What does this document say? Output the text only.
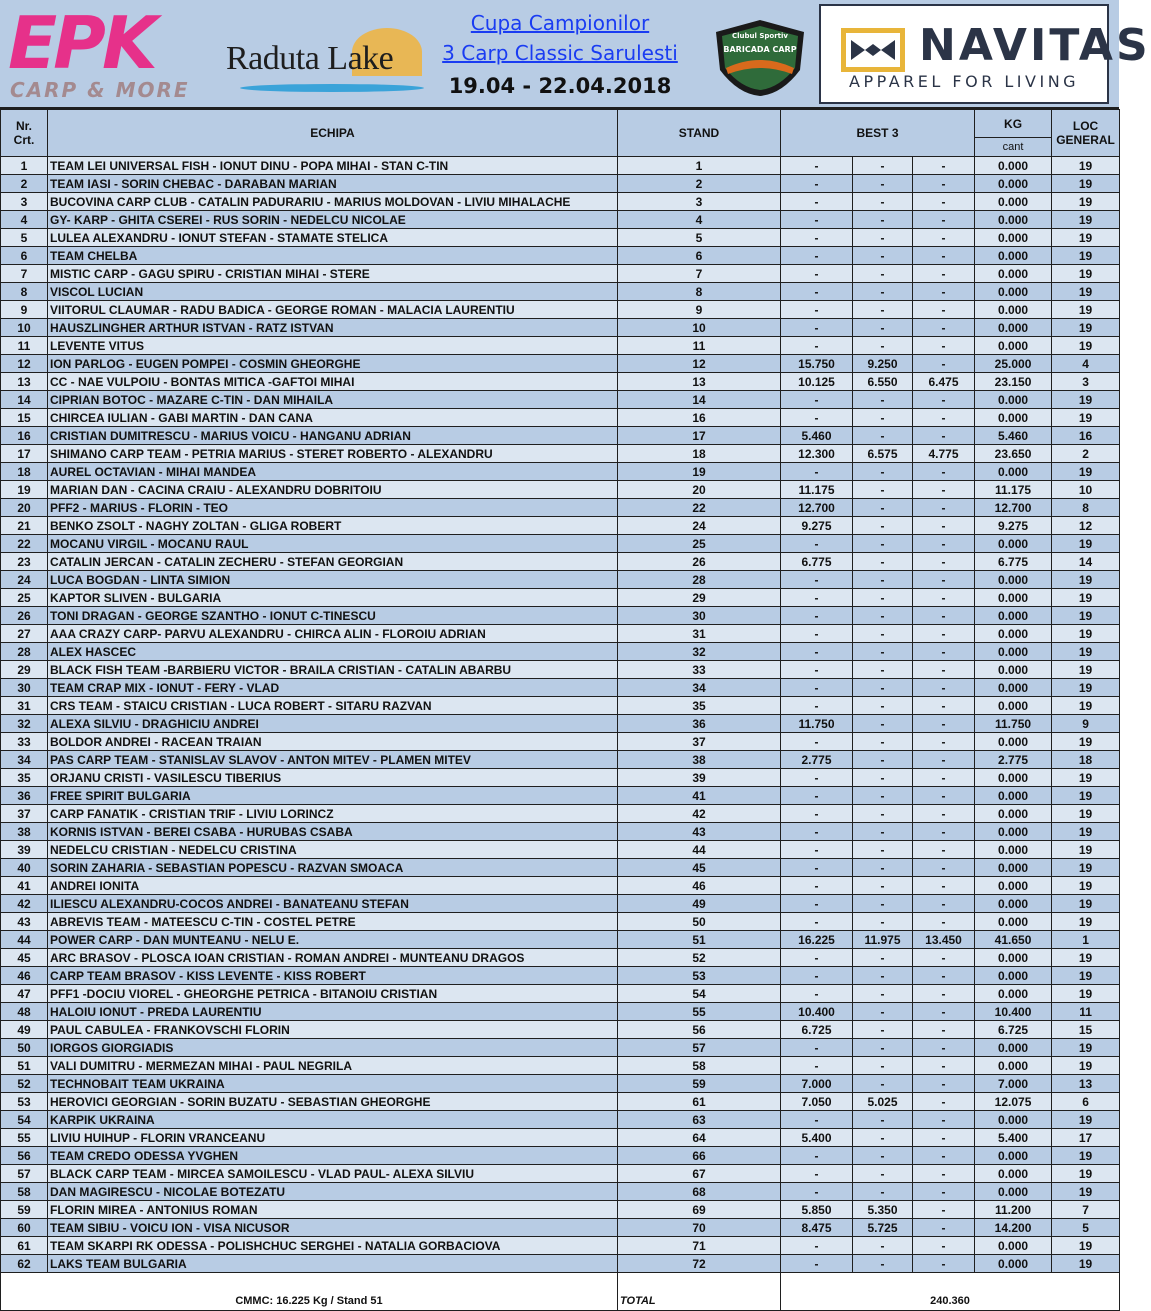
EPK
CARP & MORE
Raduta Lake
Cupa Campionilor
3 Carp Classic Sarulesti
19.04 - 22.04.2018
Clubul Sportiv
BARICADA CARP	NAVITAS
APPAREL FOR LIVING
Nr.
Crt.	ECHIPA	STAND	BEST 3			KG	LOC
GENERAL
						cant	
1	TEAM LEI UNIVERSAL FISH - IONUT DINU - POPA MIHAI - STAN C-TIN	1	-	-	-	0.000	19
2	TEAM IASI - SORIN CHEBAC - DARABAN MARIAN	2	-	-	-	0.000	19
3	BUCOVINA CARP CLUB - CATALIN PADURARIU - MARIUS MOLDOVAN - LIVIU MIHALACHE	3	-	-	-	0.000	19
4	GY- KARP - GHITA CSEREI - RUS SORIN - NEDELCU NICOLAE	4	-	-	-	0.000	19
5	LULEA ALEXANDRU - IONUT STEFAN - STAMATE STELICA	5	-	-	-	0.000	19
6	TEAM CHELBA	6	-	-	-	0.000	19
7	MISTIC CARP - GAGU SPIRU - CRISTIAN MIHAI - STERE	7	-	-	-	0.000	19
8	VISCOL LUCIAN	8	-	-	-	0.000	19
9	VIITORUL CLAUMAR - RADU BADICA - GEORGE ROMAN - MALACIA LAURENTIU	9	-	-	-	0.000	19
10	HAUSZLINGHER ARTHUR ISTVAN - RATZ ISTVAN	10	-	-	-	0.000	19
11	LEVENTE VITUS	11	-	-	-	0.000	19
12	ION PARLOG - EUGEN POMPEI - COSMIN GHEORGHE	12	15.750	9.250	-	25.000	4
13	CC - NAE VULPOIU - BONTAS MITICA -GAFTOI MIHAI	13	10.125	6.550	6.475	23.150	3
14	CIPRIAN BOTOC - MAZARE C-TIN - DAN MIHAILA	14	-	-	-	0.000	19
15	CHIRCEA IULIAN - GABI MARTIN - DAN CANA	16	-	-	-	0.000	19
16	CRISTIAN DUMITRESCU - MARIUS VOICU - HANGANU ADRIAN	17	5.460	-	-	5.460	16
17	SHIMANO CARP TEAM - PETRIA MARIUS - STERET ROBERTO - ALEXANDRU	18	12.300	6.575	4.775	23.650	2
18	AUREL OCTAVIAN - MIHAI MANDEA	19	-	-	-	0.000	19
19	MARIAN DAN - CACINA CRAIU - ALEXANDRU DOBRITOIU	20	11.175	-	-	11.175	10
20	PFF2 - MARIUS - FLORIN - TEO	22	12.700	-	-	12.700	8
21	BENKO ZSOLT - NAGHY ZOLTAN - GLIGA ROBERT	24	9.275	-	-	9.275	12
22	MOCANU VIRGIL - MOCANU RAUL	25	-	-	-	0.000	19
23	CATALIN JERCAN - CATALIN ZECHERU - STEFAN GEORGIAN	26	6.775	-	-	6.775	14
24	LUCA BOGDAN - LINTA SIMION	28	-	-	-	0.000	19
25	KAPTOR SLIVEN - BULGARIA	29	-	-	-	0.000	19
26	TONI DRAGAN - GEORGE SZANTHO - IONUT C-TINESCU	30	-	-	-	0.000	19
27	AAA CRAZY CARP- PARVU ALEXANDRU - CHIRCA ALIN - FLOROIU ADRIAN	31	-	-	-	0.000	19
28	ALEX HASCEC	32	-	-	-	0.000	19
29	BLACK FISH TEAM -BARBIERU VICTOR - BRAILA CRISTIAN - CATALIN ABARBU	33	-	-	-	0.000	19
30	TEAM CRAP MIX - IONUT - FERY - VLAD	34	-	-	-	0.000	19
31	CRS TEAM - STAICU CRISTIAN - LUCA ROBERT - SITARU RAZVAN	35	-	-	-	0.000	19
32	ALEXA SILVIU - DRAGHICIU ANDREI	36	11.750	-	-	11.750	9
33	BOLDOR ANDREI - RACEAN TRAIAN	37	-	-	-	0.000	19
34	PAS CARP TEAM - STANISLAV SLAVOV - ANTON MITEV - PLAMEN MITEV	38	2.775	-	-	2.775	18
35	ORJANU CRISTI - VASILESCU TIBERIUS	39	-	-	-	0.000	19
36	FREE SPIRIT BULGARIA	41	-	-	-	0.000	19
37	CARP FANATIK - CRISTIAN TRIF - LIVIU LORINCZ	42	-	-	-	0.000	19
38	KORNIS ISTVAN - BEREI CSABA - HURUBAS CSABA	43	-	-	-	0.000	19
39	NEDELCU CRISTIAN - NEDELCU CRISTINA	44	-	-	-	0.000	19
40	SORIN ZAHARIA - SEBASTIAN POPESCU - RAZVAN SMOACA	45	-	-	-	0.000	19
41	ANDREI IONITA	46	-	-	-	0.000	19
42	ILIESCU ALEXANDRU-COCOS ANDREI - BANATEANU STEFAN	49	-	-	-	0.000	19
43	ABREVIS TEAM - MATEESCU C-TIN - COSTEL PETRE	50	-	-	-	0.000	19
44	POWER CARP - DAN MUNTEANU - NELU E.	51	16.225	11.975	13.450	41.650	1
45	ARC BRASOV - PLOSCA IOAN CRISTIAN - ROMAN ANDREI - MUNTEANU DRAGOS	52	-	-	-	0.000	19
46	CARP TEAM BRASOV - KISS LEVENTE - KISS ROBERT	53	-	-	-	0.000	19
47	PFF1 -DOCIU VIOREL - GHEORGHE PETRICA - BITANOIU CRISTIAN	54	-	-	-	0.000	19
48	HALOIU IONUT - PREDA LAURENTIU	55	10.400	-	-	10.400	11
49	PAUL CABULEA - FRANKOVSCHI FLORIN	56	6.725	-	-	6.725	15
50	IORGOS GIORGIADIS	57	-	-	-	0.000	19
51	VALI DUMITRU - MERMEZAN MIHAI - PAUL NEGRILA	58	-	-	-	0.000	19
52	TECHNOBAIT TEAM UKRAINA	59	7.000	-	-	7.000	13
53	HEROVICI GEORGIAN - SORIN BUZATU - SEBASTIAN GHEORGHE	61	7.050	5.025	-	12.075	6
54	KARPIK UKRAINA	63	-	-	-	0.000	19
55	LIVIU HUIHUP - FLORIN VRANCEANU	64	5.400	-	-	5.400	17
56	TEAM CREDO ODESSA YVGHEN	66	-	-	-	0.000	19
57	BLACK CARP TEAM - MIRCEA SAMOILESCU - VLAD PAUL- ALEXA SILVIU	67	-	-	-	0.000	19
58	DAN MAGIRESCU - NICOLAE BOTEZATU	68	-	-	-	0.000	19
59	FLORIN MIREA - ANTONIUS ROMAN	69	5.850	5.350	-	11.200	7
60	TEAM SIBIU - VOICU ION - VISA NICUSOR	70	8.475	5.725	-	14.200	5
61	TEAM SKARPI RK ODESSA - POLISHCHUC SERGHEI - NATALIA GORBACIOVA	71	-	-	-	0.000	19
62	LAKS TEAM BULGARIA	72	-	-	-	0.000	19
CMMC: 16.225 Kg / Stand 51		TOTAL	240.360				
